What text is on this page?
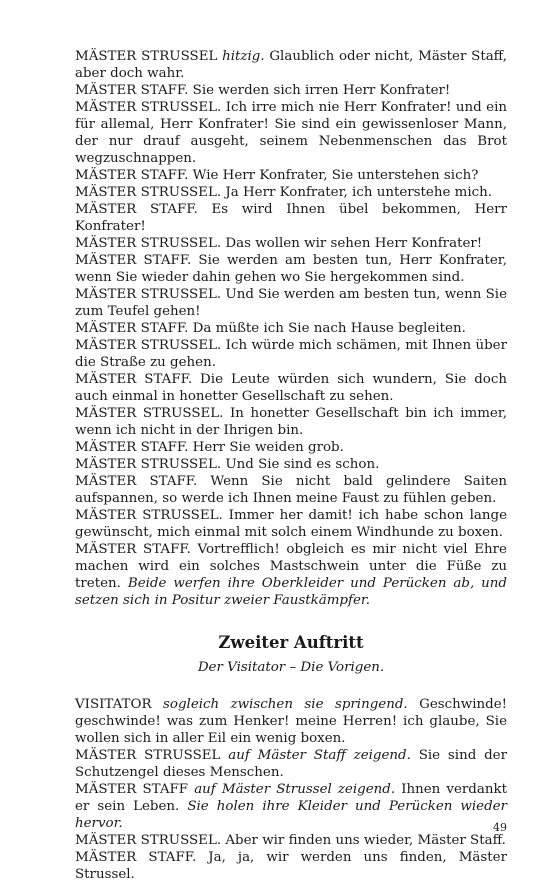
MÄSTER STRUSSEL hitzig. Glaublich oder nicht, Mäster Staff, aber doch wahr.

MÄSTER STAFF. Sie werden sich irren Herr Konfrater!

MÄSTER STRUSSEL. Ich irre mich nie Herr Konfrater! und ein für allemal, Herr Konfrater! Sie sind ein gewissenloser Mann, der nur drauf ausgeht, seinem Nebenmenschen das Brot wegzuschnappen.

MÄSTER STAFF. Wie Herr Konfrater, Sie unterstehen sich?

MÄSTER STRUSSEL. Ja Herr Konfrater, ich unterstehe mich.

MÄSTER STAFF. Es wird Ihnen übel bekommen, Herr Konfrater!

MÄSTER STRUSSEL. Das wollen wir sehen Herr Konfrater!

MÄSTER STAFF. Sie werden am besten tun, Herr Konfrater, wenn Sie wieder dahin gehen wo Sie hergekommen sind.

MÄSTER STRUSSEL. Und Sie werden am besten tun, wenn Sie zum Teufel gehen!

MÄSTER STAFF. Da müßte ich Sie nach Hause begleiten.

MÄSTER STRUSSEL. Ich würde mich schämen, mit Ihnen über die Straße zu gehen.

MÄSTER STAFF. Die Leute würden sich wundern, Sie doch auch einmal in honetter Gesellschaft zu sehen.

MÄSTER STRUSSEL. In honetter Gesellschaft bin ich immer, wenn ich nicht in der Ihrigen bin.

MÄSTER STAFF. Herr Sie weiden grob.

MÄSTER STRUSSEL. Und Sie sind es schon.

MÄSTER STAFF. Wenn Sie nicht bald gelindere Saiten aufspannen, so werde ich Ihnen meine Faust zu fühlen geben.

MÄSTER STRUSSEL. Immer her damit! ich habe schon lange gewünscht, mich einmal mit solch einem Windhunde zu boxen.

MÄSTER STAFF. Vortrefflich! obgleich es mir nicht viel Ehre machen wird ein solches Mastschwein unter die Füße zu treten. Beide werfen ihre Oberkleider und Perücken ab, und setzen sich in Positur zweier Faustkämpfer.

Zweiter Auftritt
Der Visitator – Die Vorigen.

VISITATOR sogleich zwischen sie springend. Geschwinde! geschwinde! was zum Henker! meine Herren! ich glaube, Sie wollen sich in aller Eil ein wenig boxen.

MÄSTER STRUSSEL auf Mäster Staff zeigend. Sie sind der Schutzengel dieses Menschen.

MÄSTER STAFF auf Mäster Strussel zeigend. Ihnen verdankt er sein Leben. Sie holen ihre Kleider und Perücken wieder hervor.

MÄSTER STRUSSEL. Aber wir finden uns wieder, Mäster Staff.

MÄSTER STAFF. Ja, ja, wir werden uns finden, Mäster Strussel.

49
